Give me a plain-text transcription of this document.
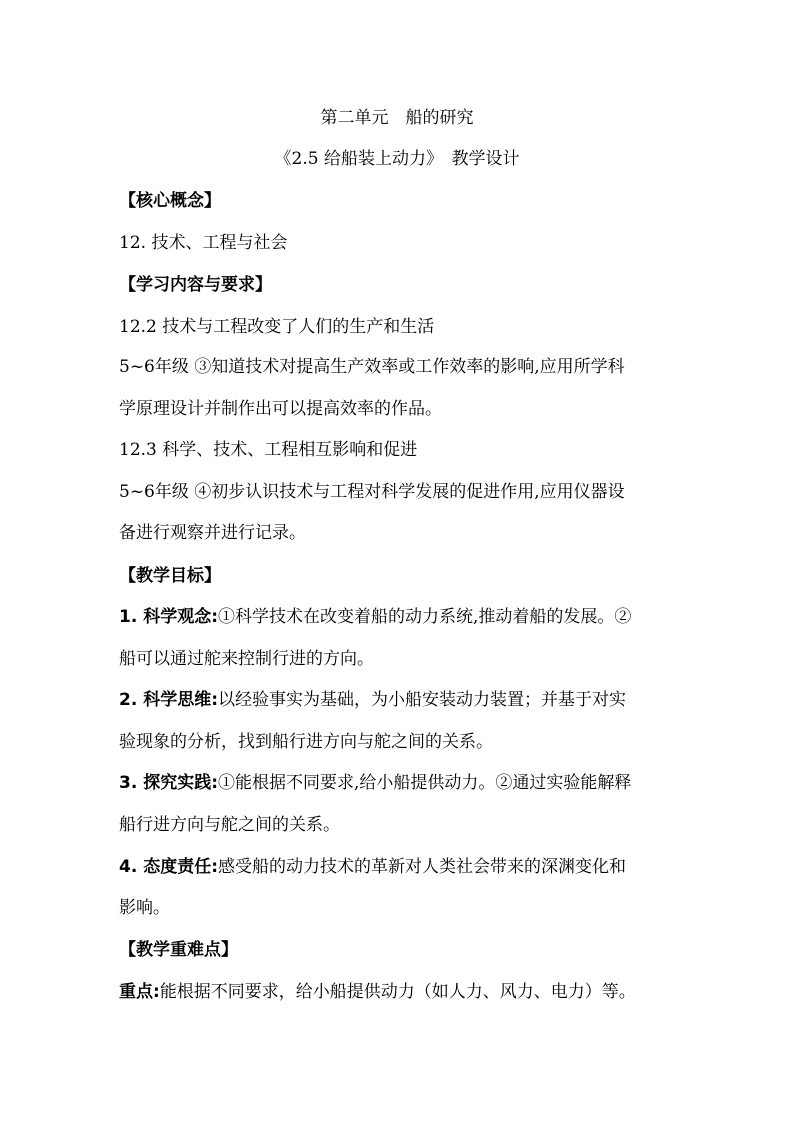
第二单元　船的研究
《2.5 给船装上动力》　教学设计
【核心概念】
12. 技术、工程与社会
【学习内容与要求】
12.2 技术与工程改变了人们的生产和生活
5~6年级 ③知道技术对提高生产效率或工作效率的影响,应用所学科
学原理设计并制作出可以提高效率的作品。
12.3 科学、技术、工程相互影响和促进
5~6年级 ④初步认识技术与工程对科学发展的促进作用,应用仪器设
备进行观察并进行记录。
【教学目标】
1. 科学观念:①科学技术在改变着船的动力系统,推动着船的发展。②
船可以通过舵来控制行进的方向。
2. 科学思维:以经验事实为基础，为小船安装动力装置；并基于对实
验现象的分析，找到船行进方向与舵之间的关系。
3. 探究实践:①能根据不同要求,给小船提供动力。②通过实验能解释
船行进方向与舵之间的关系。
4. 态度责任:感受船的动力技术的革新对人类社会带来的深渊变化和
影响。
【教学重难点】
重点:能根据不同要求，给小船提供动力（如人力、风力、电力）等。
